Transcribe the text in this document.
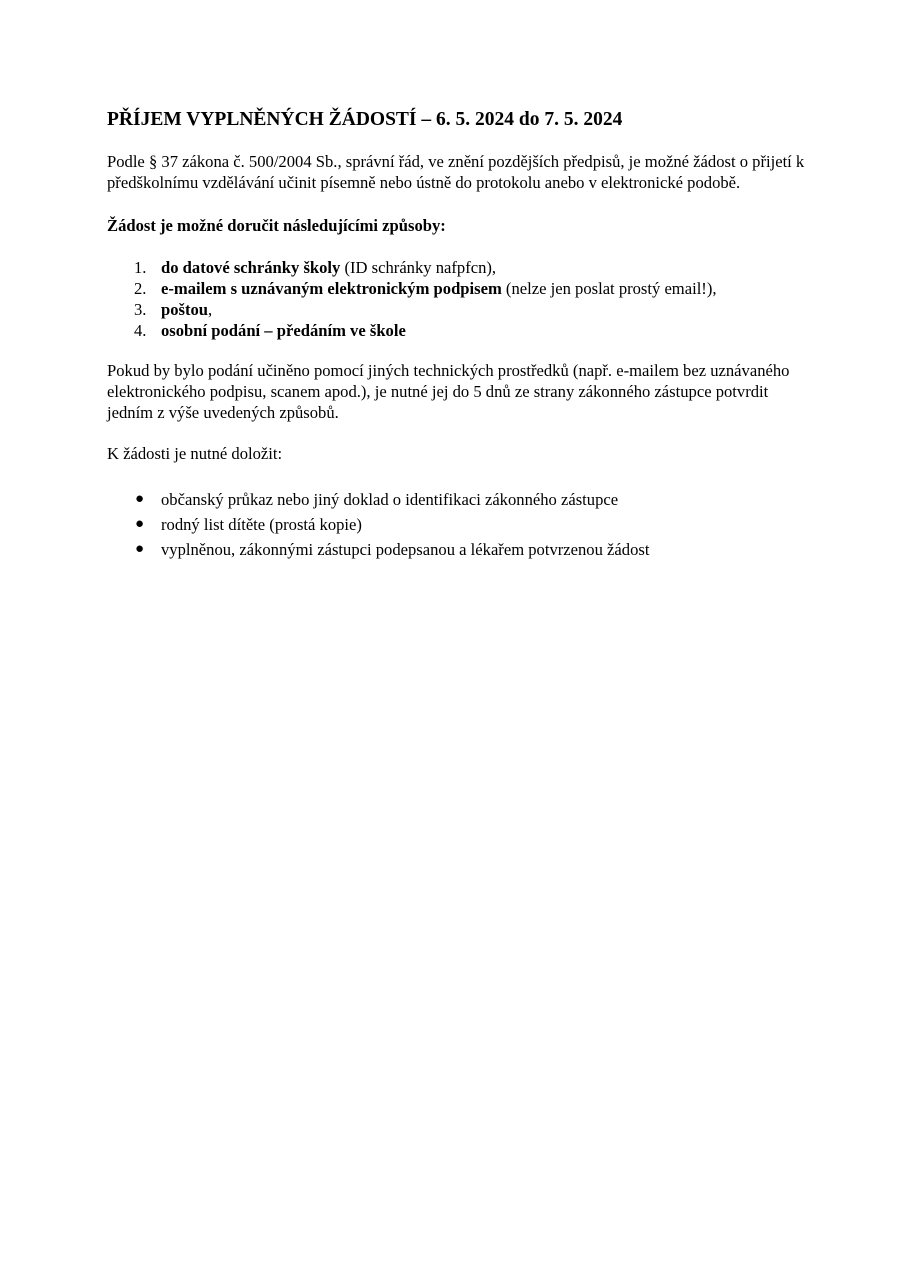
PŘÍJEM VYPLNĚNÝCH ŽÁDOSTÍ – 6. 5. 2024 do 7. 5. 2024

Podle § 37 zákona č. 500/2004 Sb., správní řád, ve znění pozdějších předpisů, je možné žádost o přijetí k předškolnímu vzdělávání učinit písemně nebo ústně do protokolu anebo v elektronické podobě.

Žádost je možné doručit následujícími způsoby:

1. do datové schránky školy (ID schránky nafpfcn),
2. e-mailem s uznávaným elektronickým podpisem (nelze jen poslat prostý email!),
3. poštou,
4. osobní podání – předáním ve škole

Pokud by bylo podání učiněno pomocí jiných technických prostředků (např. e-mailem bez uznávaného elektronického podpisu, scanem apod.), je nutné jej do 5 dnů ze strany zákonného zástupce potvrdit jedním z výše uvedených způsobů.

K žádosti je nutné doložit:

● občanský průkaz nebo jiný doklad o identifikaci zákonného zástupce
● rodný list dítěte (prostá kopie)
● vyplněnou, zákonnými zástupci podepsanou a lékařem potvrzenou žádost
